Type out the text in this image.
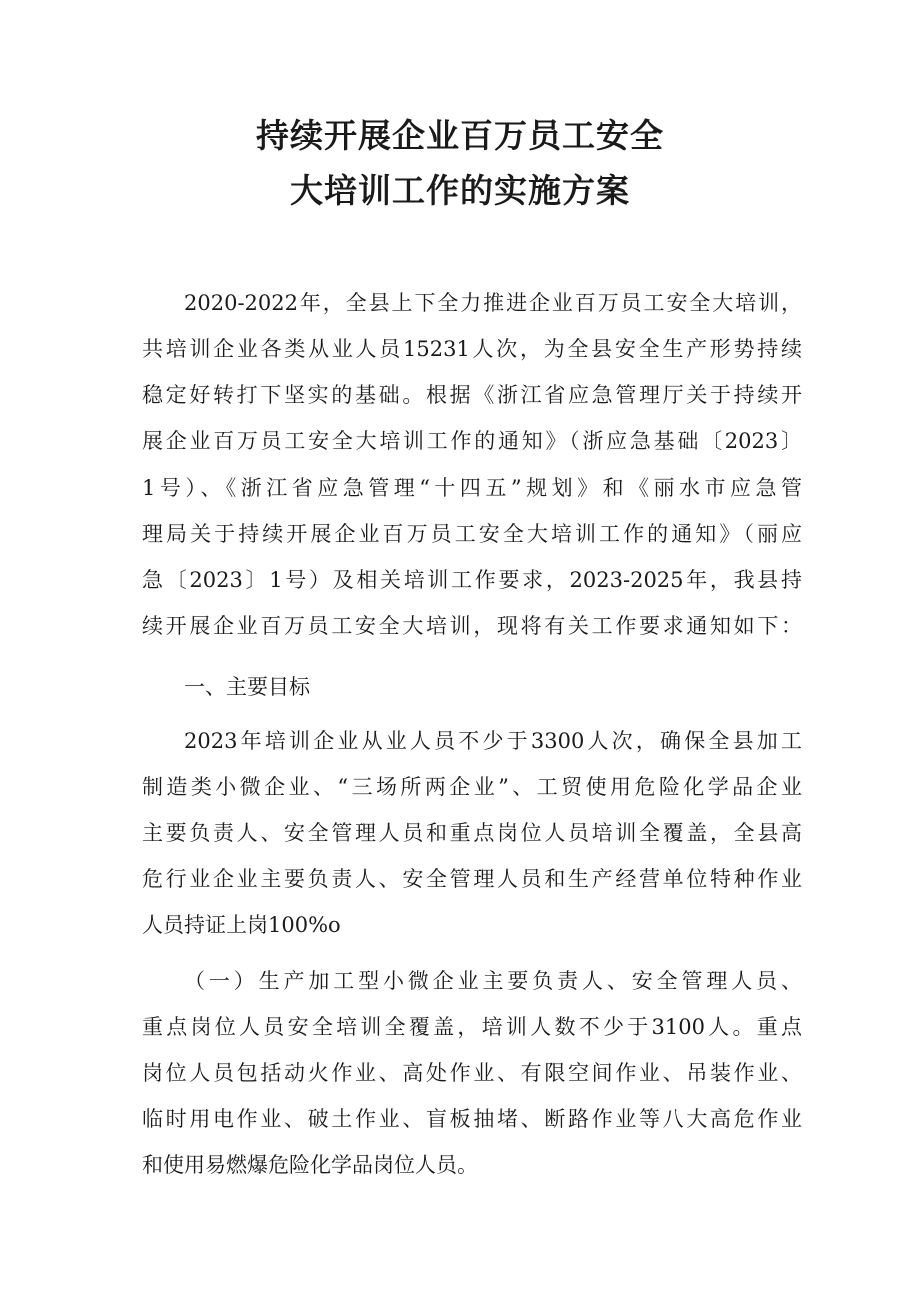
持续开展企业百万员工安全
大培训工作的实施方案

2020-2022年，全县上下全力推进企业百万员工安全大培训，

共培训企业各类从业人员15231人次，为全县安全生产形势持续

稳定好转打下坚实的基础。根据《浙江省应急管理厅关于持续开

展企业百万员工安全大培训工作的通知》（浙应急基础〔2023〕

1号）、《浙江省应急管理“十四五”规划》和《丽水市应急管

理局关于持续开展企业百万员工安全大培训工作的通知》（丽应

急〔2023〕1号）及相关培训工作要求，2023-2025年，我县持

续开展企业百万员工安全大培训，现将有关工作要求通知如下：

一、主要目标

2023年培训企业从业人员不少于3300人次，确保全县加工

制造类小微企业、“三场所两企业”、工贸使用危险化学品企业

主要负责人、安全管理人员和重点岗位人员培训全覆盖，全县高

危行业企业主要负责人、安全管理人员和生产经营单位特种作业

人员持证上岗100%o

（一）生产加工型小微企业主要负责人、安全管理人员、

重点岗位人员安全培训全覆盖，培训人数不少于3100人。重点

岗位人员包括动火作业、高处作业、有限空间作业、吊装作业、

临时用电作业、破土作业、盲板抽堵、断路作业等八大高危作业

和使用易燃爆危险化学品岗位人员。
